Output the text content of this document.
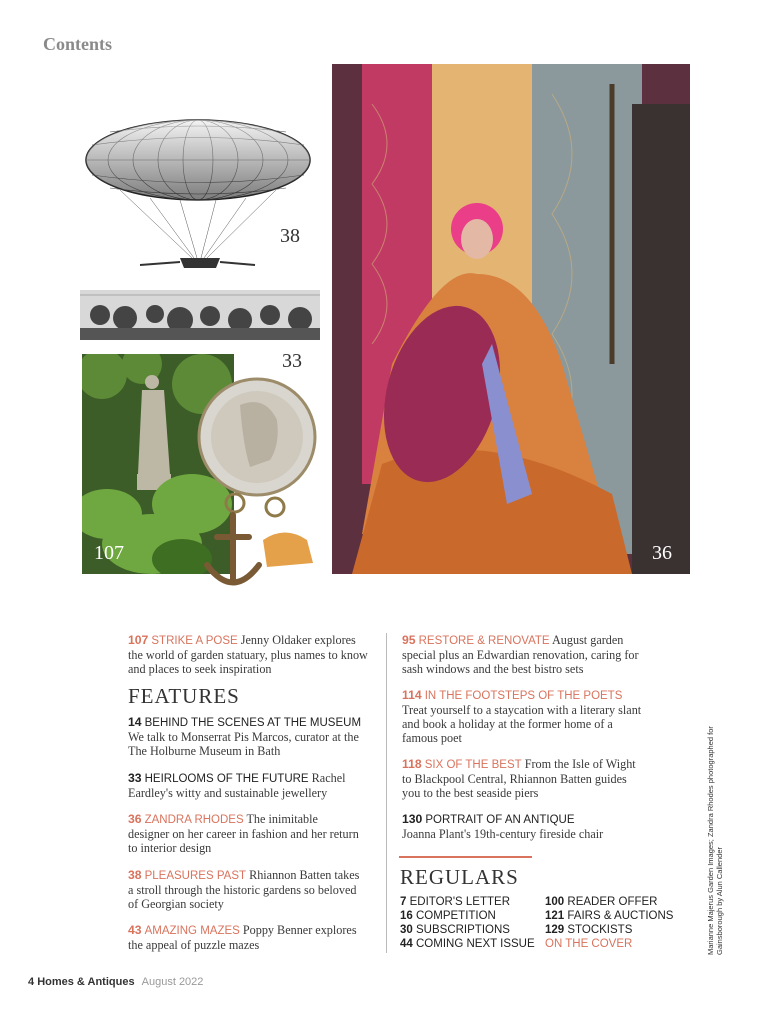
Contents
38
33
107	36

107 STRIKE A POSE Jenny Oldaker explores the world of garden statuary, plus names to know and places to seek inspiration

FEATURES

14 BEHIND THE SCENES AT THE MUSEUM

We talk to Monserrat Pis Marcos, curator at the The Holburne Museum in Bath

33 HEIRLOOMS OF THE FUTURE Rachel Eardley's witty and sustainable jewellery

36 ZANDRA RHODES The inimitable designer on her career in fashion and her return to interior design

38 PLEASURES PAST Rhiannon Batten takes a stroll through the historic gardens so beloved of Georgian society

43 AMAZING MAZES Poppy Benner explores the appeal of puzzle mazes

95 RESTORE & RENOVATE August garden special plus an Edwardian renovation, caring for sash windows and the best bistro sets

114 IN THE FOOTSTEPS OF THE POETS

Treat yourself to a staycation with a literary slant and book a holiday at the former home of a famous poet

118 SIX OF THE BEST From the Isle of Wight to Blackpool Central, Rhiannon Batten guides you to the best seaside piers

130 PORTRAIT OF AN ANTIQUE

Joanna Plant's 19th-century fireside chair

REGULARS
7 EDITOR'S LETTER
16 COMPETITION
30 SUBSCRIPTIONS
44 COMING NEXT ISSUE
100 READER OFFER
121 FAIRS & AUCTIONS
129 STOCKISTS
ON THE COVER	Marianne Majerus Garden Images; Zandra Rhodes photographed for Gainsborough by Alun Callender
4 Homes & Antiques August 2022
